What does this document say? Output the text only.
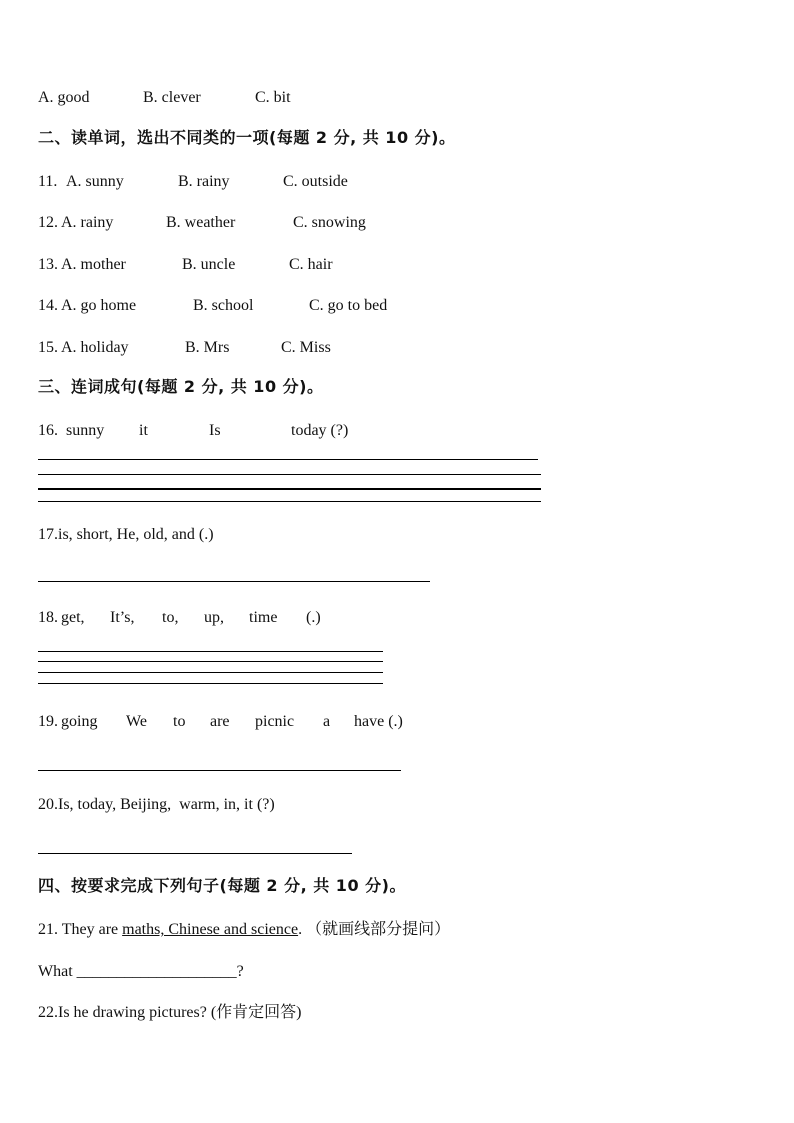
A. good	B. clever	C. bit
二、读单词，选出不同类的一项(每题 2 分, 共 10 分)。
11. A. sunny	B. rainy	C. outside
12. A. rainy	B. weather	C. snowing
13. A. mother	B. uncle	C. hair
14. A. go home	B. school	C. go to bed
15. A. holiday	B. Mrs	C. Miss
三、连词成句(每题 2 分, 共 10 分)。
16. sunny it	Is	today (?)
17.is, short, He, old, and (.)
18. get, It’s, to, up, time (.)
19. going We to are picnic a have (.)
20.Is, today, Beijing,  warm, in, it (?)
四、按要求完成下列句子(每题 2 分, 共 10 分)。
21. They are maths, Chinese and science. （就画线部分提问）
What ____________________?
22.Is he drawing pictures? (作肯定回答)
